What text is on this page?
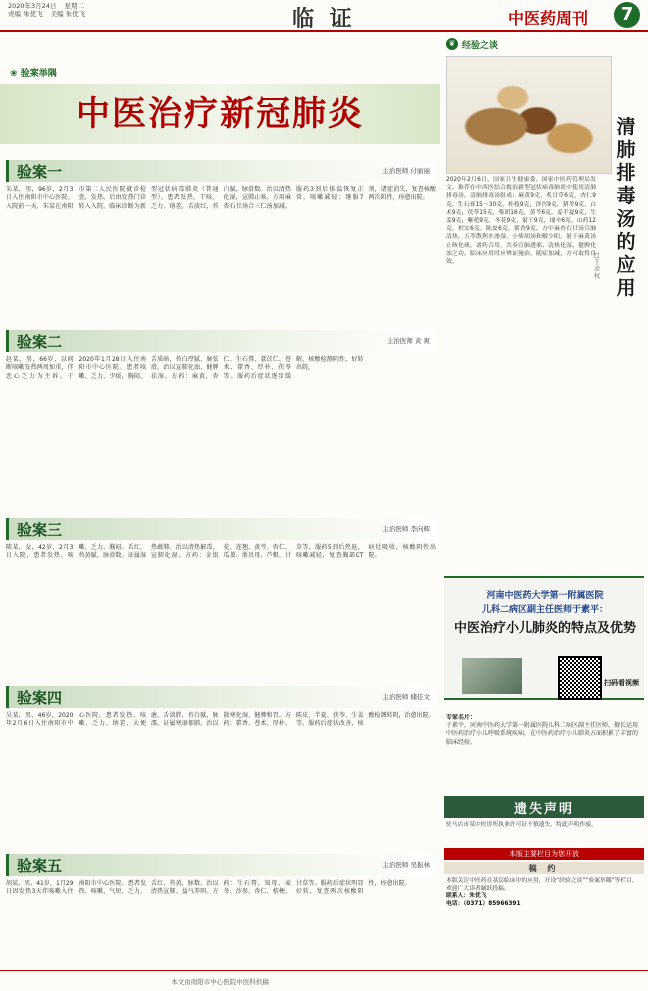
2020年3月24日 星期二
责编 朱优飞 美编 朱优飞	临 证	中医药周刊	7
❀ 验案举隅
中医治疗新冠肺炎
验案一	主治医师 付丽丽
朱某，男，96岁，2月3日入住南阳市中心医院。入院前一天，朱某在南阳市第二人民医院就诊检查，发热，后由发热门诊转入入院。临床诊断为新型冠状病毒肺炎（普通型）。患者发热、干咳、乏力、纳差，舌淡红，苔白腻，脉滑数。治以清热化湿，宣肺止咳。方用麻杏石甘汤合三仁汤加减。服药3剂后体温恢复正常，咳嗽减轻；继服7剂，诸症消失，复查核酸两次阴性，痊愈出院。
验案二	主治医师 黄 爽
赵某，男，66岁，以间断咳嗽发热两周加重，伴恶心乏力为主诉。于2020年1月28日入住南阳市中心医院。患者咳嗽、乏力、少痰，胸闷，舌质暗，苔白厚腻，脉弦滑。治以宣肺化浊、健脾祛湿。方药：麻黄、杏仁、生石膏、薏苡仁、苍术、藿香、厚朴、茯苓等。服药后症状逐步缓解，核酸检测阴性，好转出院。
验案三	主治医师 李向辉
陈某，女，42岁，2月3日入院，患者发热、咳嗽、乏力、胸闷。舌红，苔黄腻，脉滑数。证属湿热蕴肺。治以清热解毒、宣肺化湿。方药：金银花、连翘、黄芩、杏仁、瓜蒌、浙贝母、芦根、甘草等。服药5剂后热退，咳嗽减轻，复查胸部CT病灶吸收，核酸阴性出院。
验案四	主治医师 储佳文
吴某，男，46岁，2020年2月6日入住南阳市中心医院。患者发热、咳嗽、乏力、纳差、大便溏，舌淡胖，苔白腻，脉濡。证属寒湿郁肺。治以散寒化湿、健脾和胃。方药：藿香、苍术、厚朴、陈皮、半夏、茯苓、生姜等。服药后症状改善，核酸检测转阴，治愈出院。
验案五	主治医师 吴振林
胡某，男，41岁，1月29日因发热3天伴咳嗽入住南阳市中心医院。患者发热、咳嗽、气短、乏力。舌红，苔黄，脉数。治以清热宣肺、益气养阴。方药：生石膏、知母、麦冬、沙参、杏仁、桔梗、甘草等。服药后症状明显好转，复查两次核酸阴性，痊愈出院。
❦ 经验之谈
清肺排毒汤的应用
□王彦权
2020年2月6日，国家卫生健康委、国家中医药管理局发文，推荐在中西医结合救治新型冠状病毒肺炎中使用清肺排毒汤。清肺排毒汤组成：麻黄9克，炙甘草6克，杏仁9克，生石膏15～30克，桂枝9克，泽泻9克，猪苓9克，白术9克，茯苓15克，柴胡16克，黄芩6克，姜半夏9克，生姜9克，紫菀9克，冬花9克，射干9克，细辛6克，山药12克，枳实6克，陈皮6克，藿香9克。方中麻杏石甘汤宣肺清热，五苓散利水渗湿，小柴胡汤和解少阳，射干麻黄汤止咳化痰。诸药合用，共奏宣肺透邪、清热化湿、健脾化浊之功。临床应用时应辨证施治，随症加减，方可取得良效。
河南中医药大学第一附属医院
儿科二病区副主任医师于素平：
中医治疗小儿肺炎的特点及优势
扫码看视频
专家名片：
于素平，河南中医药大学第一附属医院儿科二病区副主任医师，擅长运用中医药治疗小儿呼吸系统疾病，在中医药治疗小儿肺炎方面积累了丰富的临床经验。
遗失声明
驻马店市某中医诊所执业许可证不慎遗失，特此声明作废。
本版主要栏目为您开放
稿 约
本版关注中医药在基层临床中的应用，开设“经验之谈”“验案举隅”等栏目，欢迎广大读者踊跃投稿。
联系人：朱优飞
电话：（0371）85966391
本文由南阳市中心医院中医科供稿
